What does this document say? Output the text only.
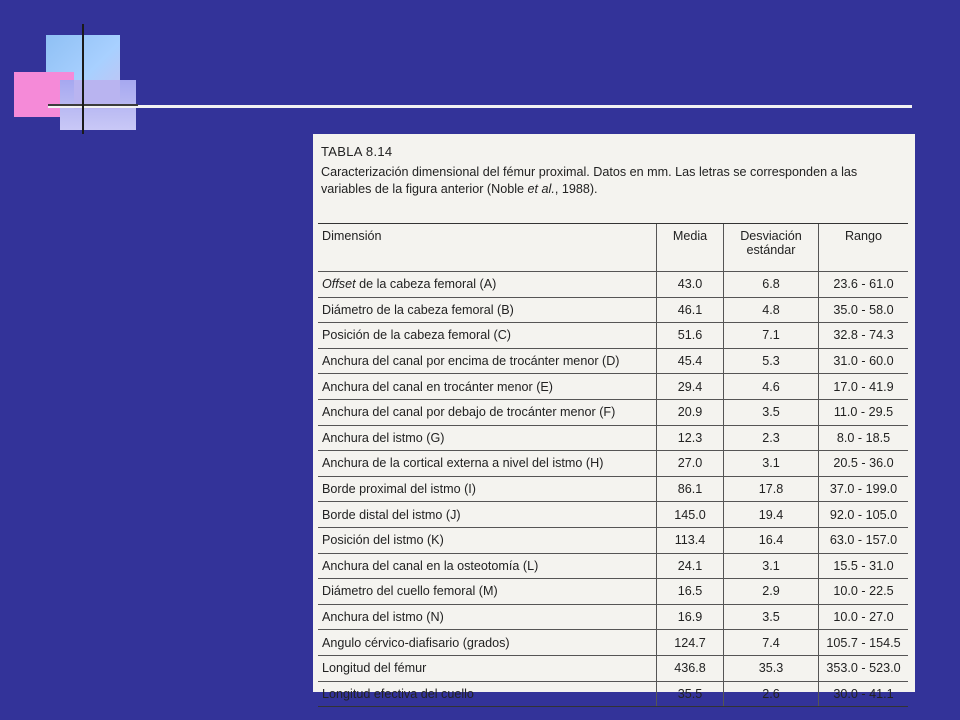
TABLA 8.14
Caracterización dimensional del fémur proximal. Datos en mm. Las letras se corresponden a las variables de la figura anterior (Noble et al., 1988).
Dimensión	Media	Desviación estándar	Rango
Offset de la cabeza femoral (A)	43.0	6.8	23.6 - 61.0
Diámetro de la cabeza femoral (B)	46.1	4.8	35.0 - 58.0
Posición de la cabeza femoral (C)	51.6	7.1	32.8 - 74.3
Anchura del canal por encima de trocánter menor (D)	45.4	5.3	31.0 - 60.0
Anchura del canal en trocánter menor (E)	29.4	4.6	17.0 - 41.9
Anchura del canal por debajo de trocánter menor (F)	20.9	3.5	11.0 - 29.5
Anchura del istmo (G)	12.3	2.3	8.0 - 18.5
Anchura de la cortical externa a nivel del istmo (H)	27.0	3.1	20.5 - 36.0
Borde proximal del istmo (I)	86.1	17.8	37.0 - 199.0
Borde distal del istmo (J)	145.0	19.4	92.0 - 105.0
Posición del istmo (K)	113.4	16.4	63.0 - 157.0
Anchura del canal en la osteotomía (L)	24.1	3.1	15.5 - 31.0
Diámetro del cuello femoral (M)	16.5	2.9	10.0 - 22.5
Anchura del istmo (N)	16.9	3.5	10.0 - 27.0
Angulo cérvico-diafisario (grados)	124.7	7.4	105.7 - 154.5
Longitud del fémur	436.8	35.3	353.0 - 523.0
Longitud efectiva del cuello	35.5	2.6	30.0 - 41.1
